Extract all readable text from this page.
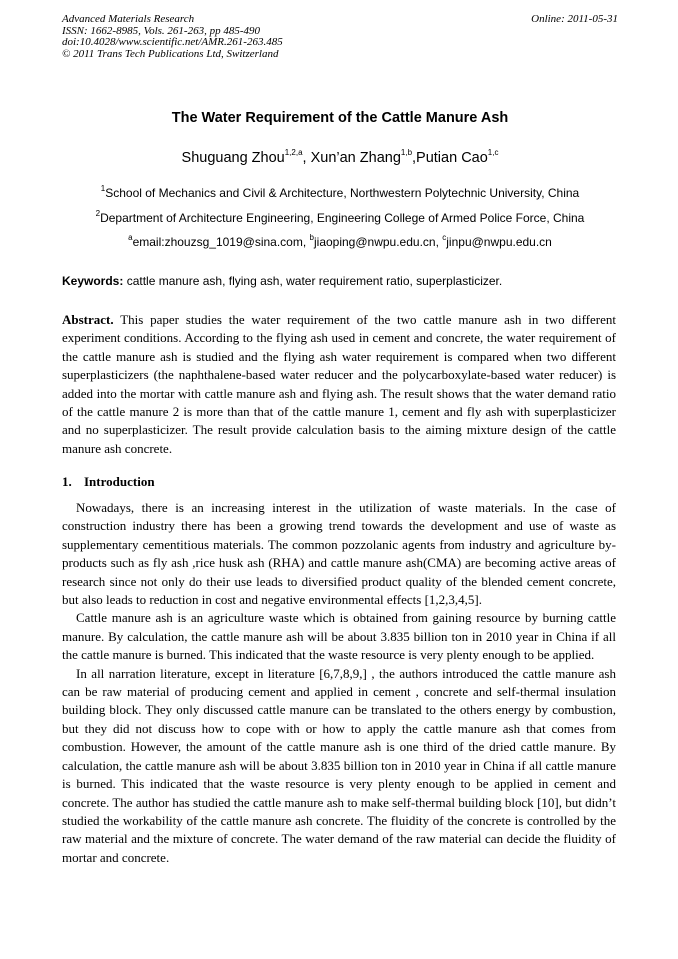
Advanced Materials Research
ISSN: 1662-8985, Vols. 261-263, pp 485-490
doi:10.4028/www.scientific.net/AMR.261-263.485
© 2011 Trans Tech Publications Ltd, Switzerland
Online: 2011-05-31
The Water Requirement of the Cattle Manure Ash
Shuguang Zhou$^{1,2,a}$, Xun’an Zhang$^{1,b}$,Putian Cao$^{1,c}$
$^1$School of Mechanics and Civil & Architecture, Northwestern Polytechnic University, China
$^2$Department of Architecture Engineering, Engineering College of Armed Police Force, China
$^a$email:zhouzsg_1019@sina.com, $^b$jiaoping@nwpu.edu.cn, $^c$jinpu@nwpu.edu.cn
Keywords: cattle manure ash, flying ash, water requirement ratio, superplasticizer.

Abstract. This paper studies the water requirement of the two cattle manure ash in two different experiment conditions. According to the flying ash used in cement and concrete, the water requirement of the cattle manure ash is studied and the flying ash water requirement is compared when two different superplasticizers (the naphthalene-based water reducer and the polycarboxylate-based water reducer) is added into the mortar with cattle manure ash and flying ash. The result shows that the water demand ratio of the cattle manure 2 is more than that of the cattle manure 1, cement and fly ash with superplasticizer and no superplasticizer. The result provide calculation basis to the aiming mixture design of the cattle manure ash concrete.

1. Introduction

Nowadays, there is an increasing interest in the utilization of waste materials. In the case of construction industry there has been a growing trend towards the development and use of waste as supplementary cementitious materials. The common pozzolanic agents from industry and agriculture by-products such as fly ash ,rice husk ash (RHA) and cattle manure ash(CMA) are becoming active areas of research since not only do their use leads to diversified product quality of the blended cement concrete, but also leads to reduction in cost and negative environmental effects [1,2,3,4,5].

Cattle manure ash is an agriculture waste which is obtained from gaining resource by burning cattle manure. By calculation, the cattle manure ash will be about 3.835 billion ton in 2010 year in China if all the cattle manure is burned. This indicated that the waste resource is very plenty enough to be applied.

In all narration literature, except in literature [6,7,8,9,] , the authors introduced the cattle manure ash can be raw material of producing cement and applied in cement , concrete and self-thermal insulation building block. They only discussed cattle manure can be translated to the others energy by combustion, but they did not discuss how to cope with or how to apply the cattle manure ash that comes from combustion. However, the amount of the cattle manure ash is one third of the dried cattle manure. By calculation, the cattle manure ash will be about 3.835 billion ton in 2010 year in China if all cattle manure is burned. This indicated that the waste resource is very plenty enough to be applied in cement and concrete. The author has studied the cattle manure ash to make self-thermal building block [10], but didn’t studied the workability of the cattle manure ash concrete. The fluidity of the concrete is controlled by the raw material and the mixture of concrete. The water demand of the raw material can decide the fluidity of mortar and concrete.
